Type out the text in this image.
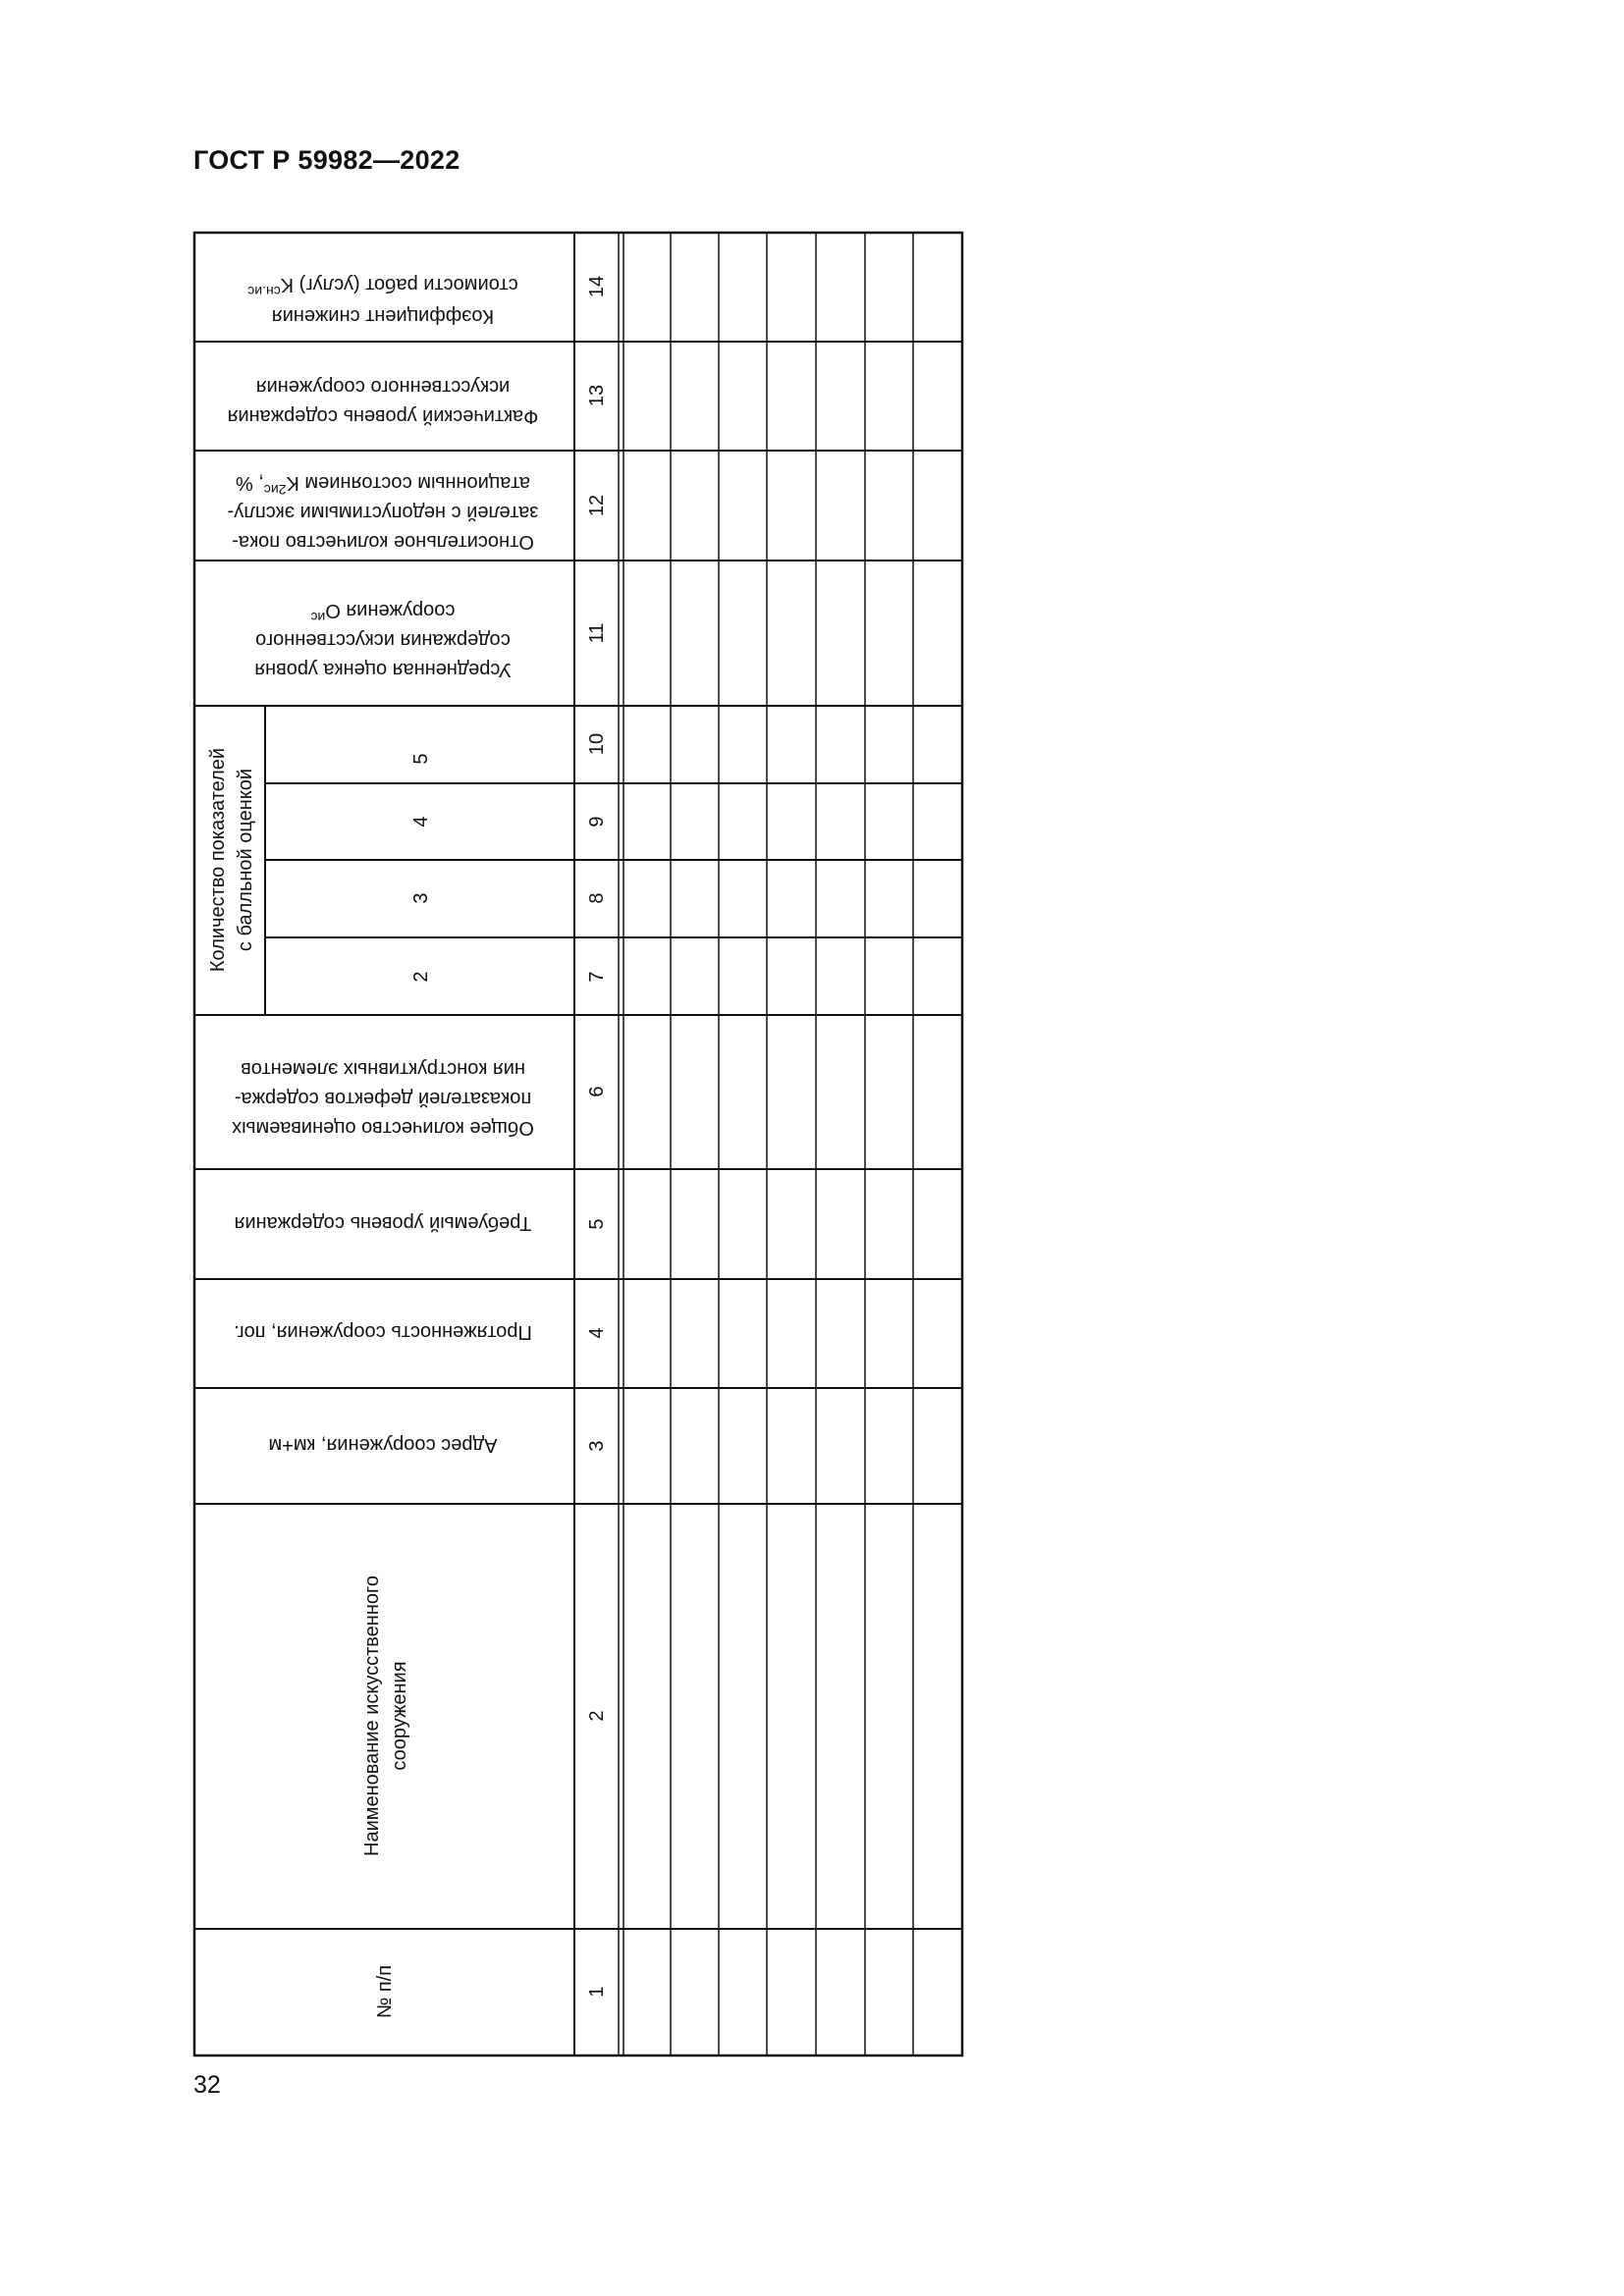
ГОСТ Р 59982—2022
Коэффициент снижения
стоимости работ (услуг) $K^{сн.ис}$
Фактический уровень содержания
искусственного сооружения
Относительное количество пока-
зателей с недопустимыми эксплу-
атационным состоянием $K^{2ис}$, %
Усредненная оценка уровня
содержания искусственного
сооружения $О^{ис}$
Количество показателей с балльной оценкой
5
4
3
2
Общее количество оцениваемых
показателей дефектов содержа-
ния конструктивных элементов
Требуемый уровень содержания
Протяженность сооружения, пог.
Адрес сооружения, км+м
Наименование искусственного сооружения
№ п/п
14
13
12
11
10
9
8
7
6
5
4
3
2
1
32
